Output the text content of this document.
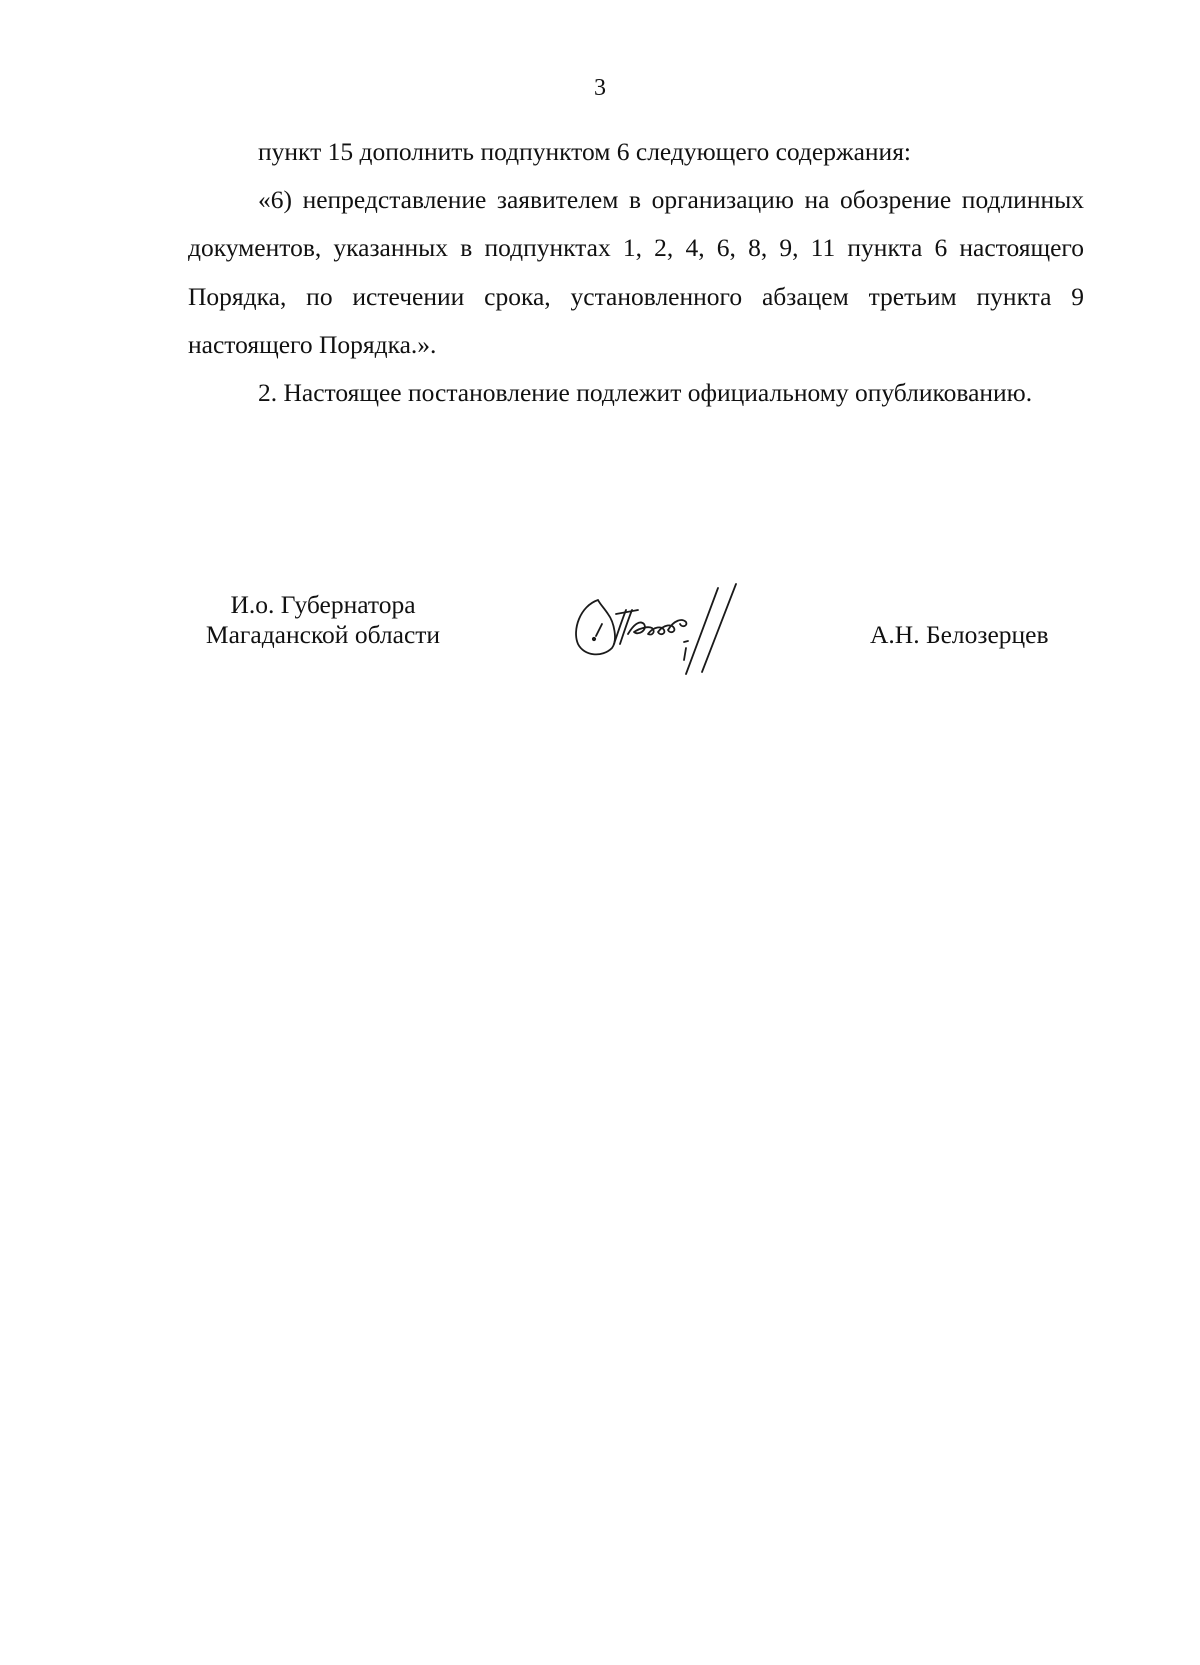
3

пункт 15 дополнить подпунктом 6 следующего содержания:

«6) непредставление заявителем в организацию на обозрение подлинных документов, указанных в подпунктах 1, 2, 4, 6, 8, 9, 11 пункта 6 настоящего Порядка, по истечении срока, установленного абзацем третьим пункта 9 настоящего Порядка.».

2. Настоящее постановление подлежит официальному опубликованию.

И.о. Губернатора
Магаданской области	А.Н. Белозерцев
